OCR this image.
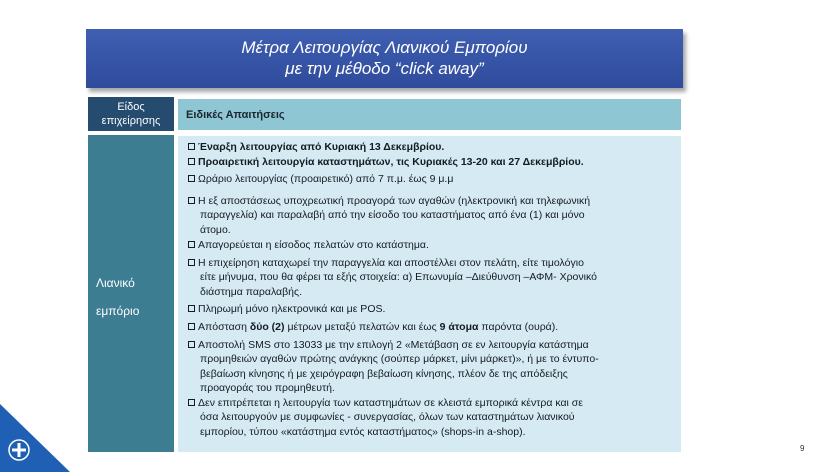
Μέτρα Λειτουργίας Λιανικού Εμπορίου
με την μέθοδο “click away”
Είδος
επιχείρησης
Ειδικές Απαιτήσεις
Λιανικό
εμπόριο
Έναρξη λειτουργίας από Κυριακή 13 Δεκεμβρίου.
Προαιρετική λειτουργία καταστημάτων, τις Κυριακές 13-20 και 27 Δεκεμβρίου.
Ωράριο λειτουργίας (προαιρετικό) από 7 π.μ. έως 9 μ.μ
Η εξ αποστάσεως υποχρεωτική προαγορά των αγαθών (ηλεκτρονική και τηλεφωνική
παραγγελία) και παραλαβή από την είσοδο του καταστήματος από ένα (1) και μόνο
άτομο.
Απαγορεύεται η είσοδος πελατών στο κατάστημα.
Η επιχείρηση καταχωρεί την παραγγελία και αποστέλλει στον πελάτη, είτε τιμολόγιο
είτε μήνυμα, που θα φέρει τα εξής στοιχεία: α) Επωνυμία –Διεύθυνση –ΑΦΜ- Χρονικό
διάστημα παραλαβής.
Πληρωμή μόνο ηλεκτρονικά και με POS.
Απόσταση δύο (2) μέτρων μεταξύ πελατών και έως 9 άτομα παρόντα (ουρά).
Αποστολή SMS στο 13033 με την επιλογή 2 «Μετάβαση σε εν λειτουργία κατάστημα
προμηθειών αγαθών πρώτης ανάγκης (σούπερ μάρκετ, μίνι μάρκετ)», ή με το έντυπο-
βεβαίωση κίνησης ή με χειρόγραφη βεβαίωση κίνησης, πλέον δε της απόδειξης
προαγοράς του προμηθευτή.
Δεν επιτρέπεται η λειτουργία των καταστημάτων σε κλειστά εμπορικά κέντρα και σε
όσα λειτουργούν με συμφωνίες - συνεργασίας, όλων των καταστημάτων λιανικού
εμπορίου, τύπου «κατάστημα εντός καταστήματος» (shops-in a-shop).
9
